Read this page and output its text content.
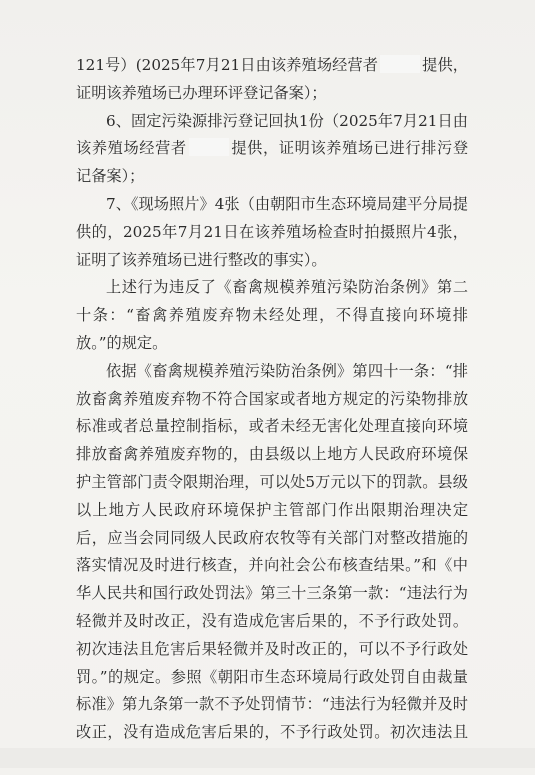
121号）(2025年7月21日由该养殖场经营者	提供，证明该养殖场已办理环评登记备案）；

6、固定污染源排污登记回执1份（2025年7月21日由该养殖场经营者	提供，证明该养殖场已进行排污登记备案）；

7、《现场照片》4张（由朝阳市生态环境局建平分局提供的，2025年7月21日在该养殖场检查时拍摄照片4张，证明了该养殖场已进行整改的事实）。

上述行为违反了《畜禽规模养殖污染防治条例》第二十条：“畜禽养殖废弃物未经处理，不得直接向环境排放。”的规定。

依据《畜禽规模养殖污染防治条例》第四十一条：“排放畜禽养殖废弃物不符合国家或者地方规定的污染物排放标准或者总量控制指标，或者未经无害化处理直接向环境排放畜禽养殖废弃物的，由县级以上地方人民政府环境保护主管部门责令限期治理，可以处5万元以下的罚款。县级以上地方人民政府环境保护主管部门作出限期治理决定后，应当会同同级人民政府农牧等有关部门对整改措施的落实情况及时进行核查，并向社会公布核查结果。”和《中华人民共和国行政处罚法》第三十三条第一款：“违法行为轻微并及时改正，没有造成危害后果的，不予行政处罚。初次违法且危害后果轻微并及时改正的，可以不予行政处罚。”的规定。参照《朝阳市生态环境局行政处罚自由裁量标准》第九条第一款不予处罚情节：“违法行为轻微并及时改正，没有造成危害后果的，不予行政处罚。初次违法且
